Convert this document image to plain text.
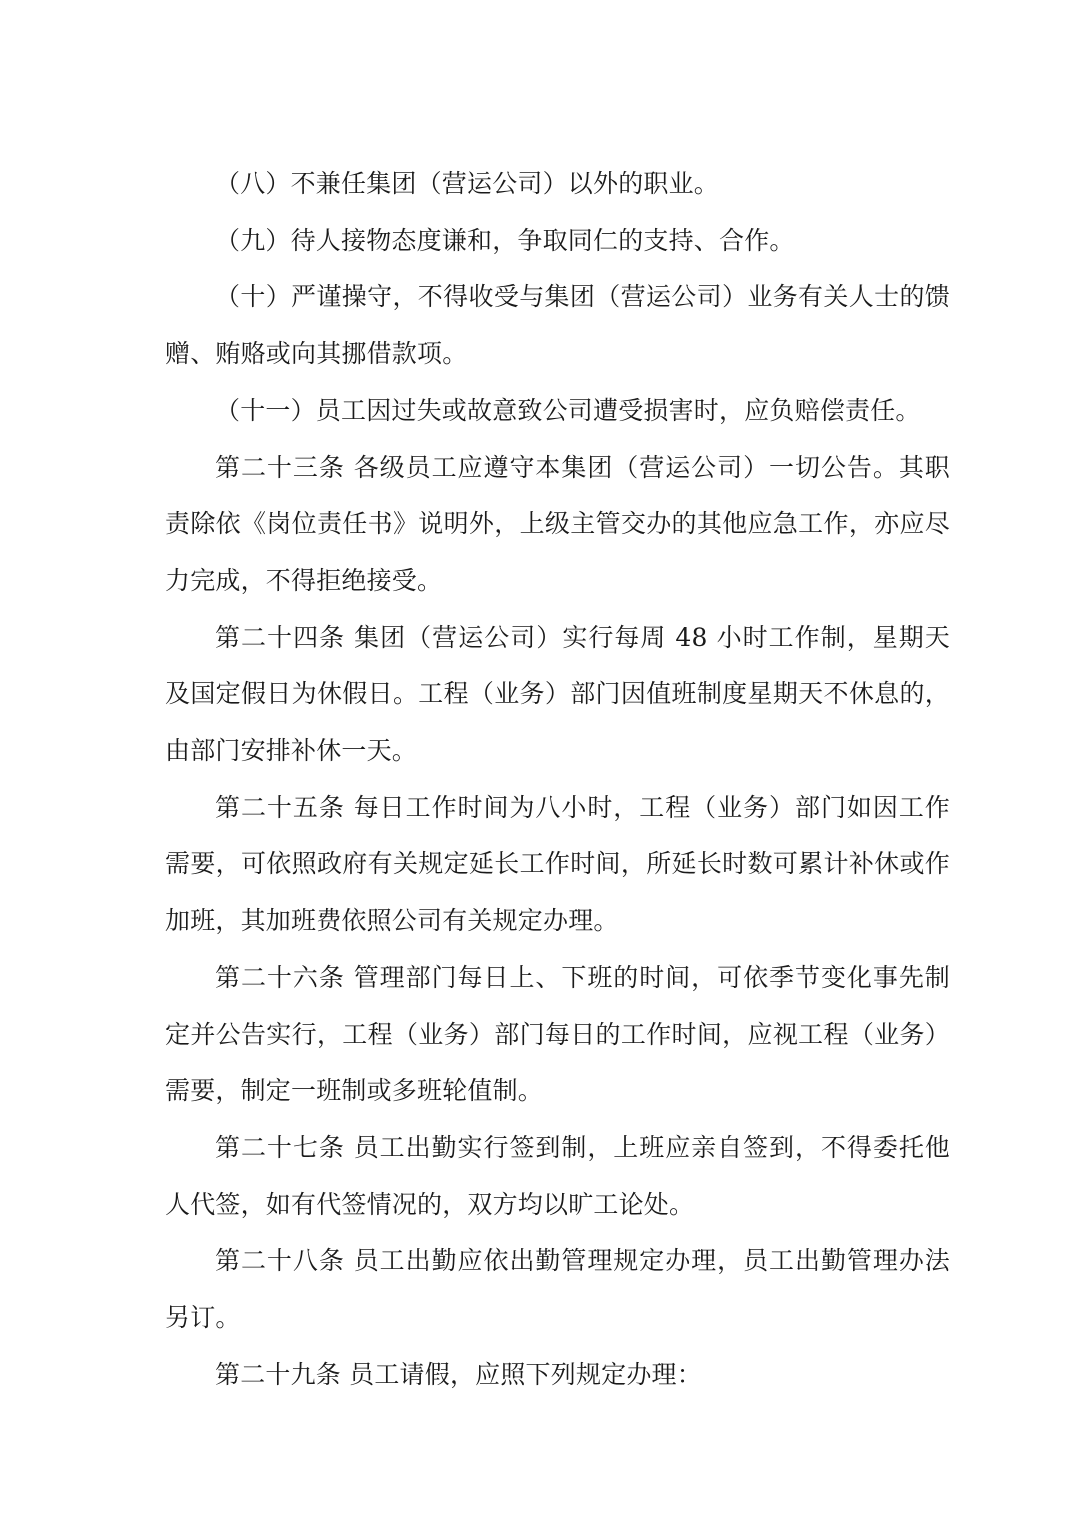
（八）不兼任集团（营运公司）以外的职业。

（九）待人接物态度谦和，争取同仁的支持、合作。

（十）严谨操守，不得收受与集团（营运公司）业务有关人士的馈赠、贿赂或向其挪借款项。

（十一）员工因过失或故意致公司遭受损害时，应负赔偿责任。

第二十三条 各级员工应遵守本集团（营运公司）一切公告。其职责除依《岗位责任书》说明外，上级主管交办的其他应急工作，亦应尽力完成，不得拒绝接受。

第二十四条 集团（营运公司）实行每周 48 小时工作制，星期天及国定假日为休假日。工程（业务）部门因值班制度星期天不休息的，由部门安排补休一天。

第二十五条 每日工作时间为八小时，工程（业务）部门如因工作需要，可依照政府有关规定延长工作时间，所延长时数可累计补休或作加班，其加班费依照公司有关规定办理。

第二十六条 管理部门每日上、下班的时间，可依季节变化事先制定并公告实行，工程（业务）部门每日的工作时间，应视工程（业务）需要，制定一班制或多班轮值制。

第二十七条 员工出勤实行签到制，上班应亲自签到，不得委托他人代签，如有代签情况的，双方均以旷工论处。

第二十八条 员工出勤应依出勤管理规定办理，员工出勤管理办法另订。

第二十九条 员工请假，应照下列规定办理：
